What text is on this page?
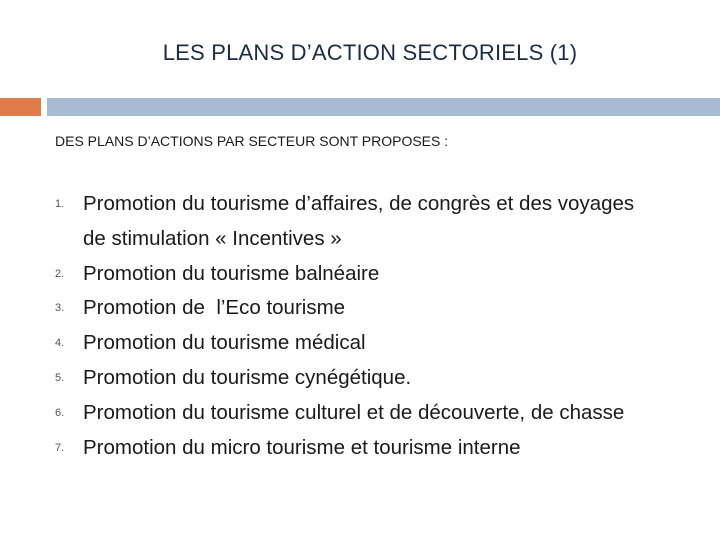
LES PLANS D’ACTION SECTORIELS (1)
DES PLANS D’ACTIONS PAR SECTEUR SONT PROPOSES :
1. Promotion du tourisme d’affaires, de congrès et des voyages de stimulation « Incentives »
2. Promotion du tourisme balnéaire
3. Promotion de  l’Eco tourisme
4. Promotion du tourisme médical
5. Promotion du tourisme cynégétique.
6. Promotion du tourisme culturel et de découverte, de chasse
7. Promotion du micro tourisme et tourisme interne
